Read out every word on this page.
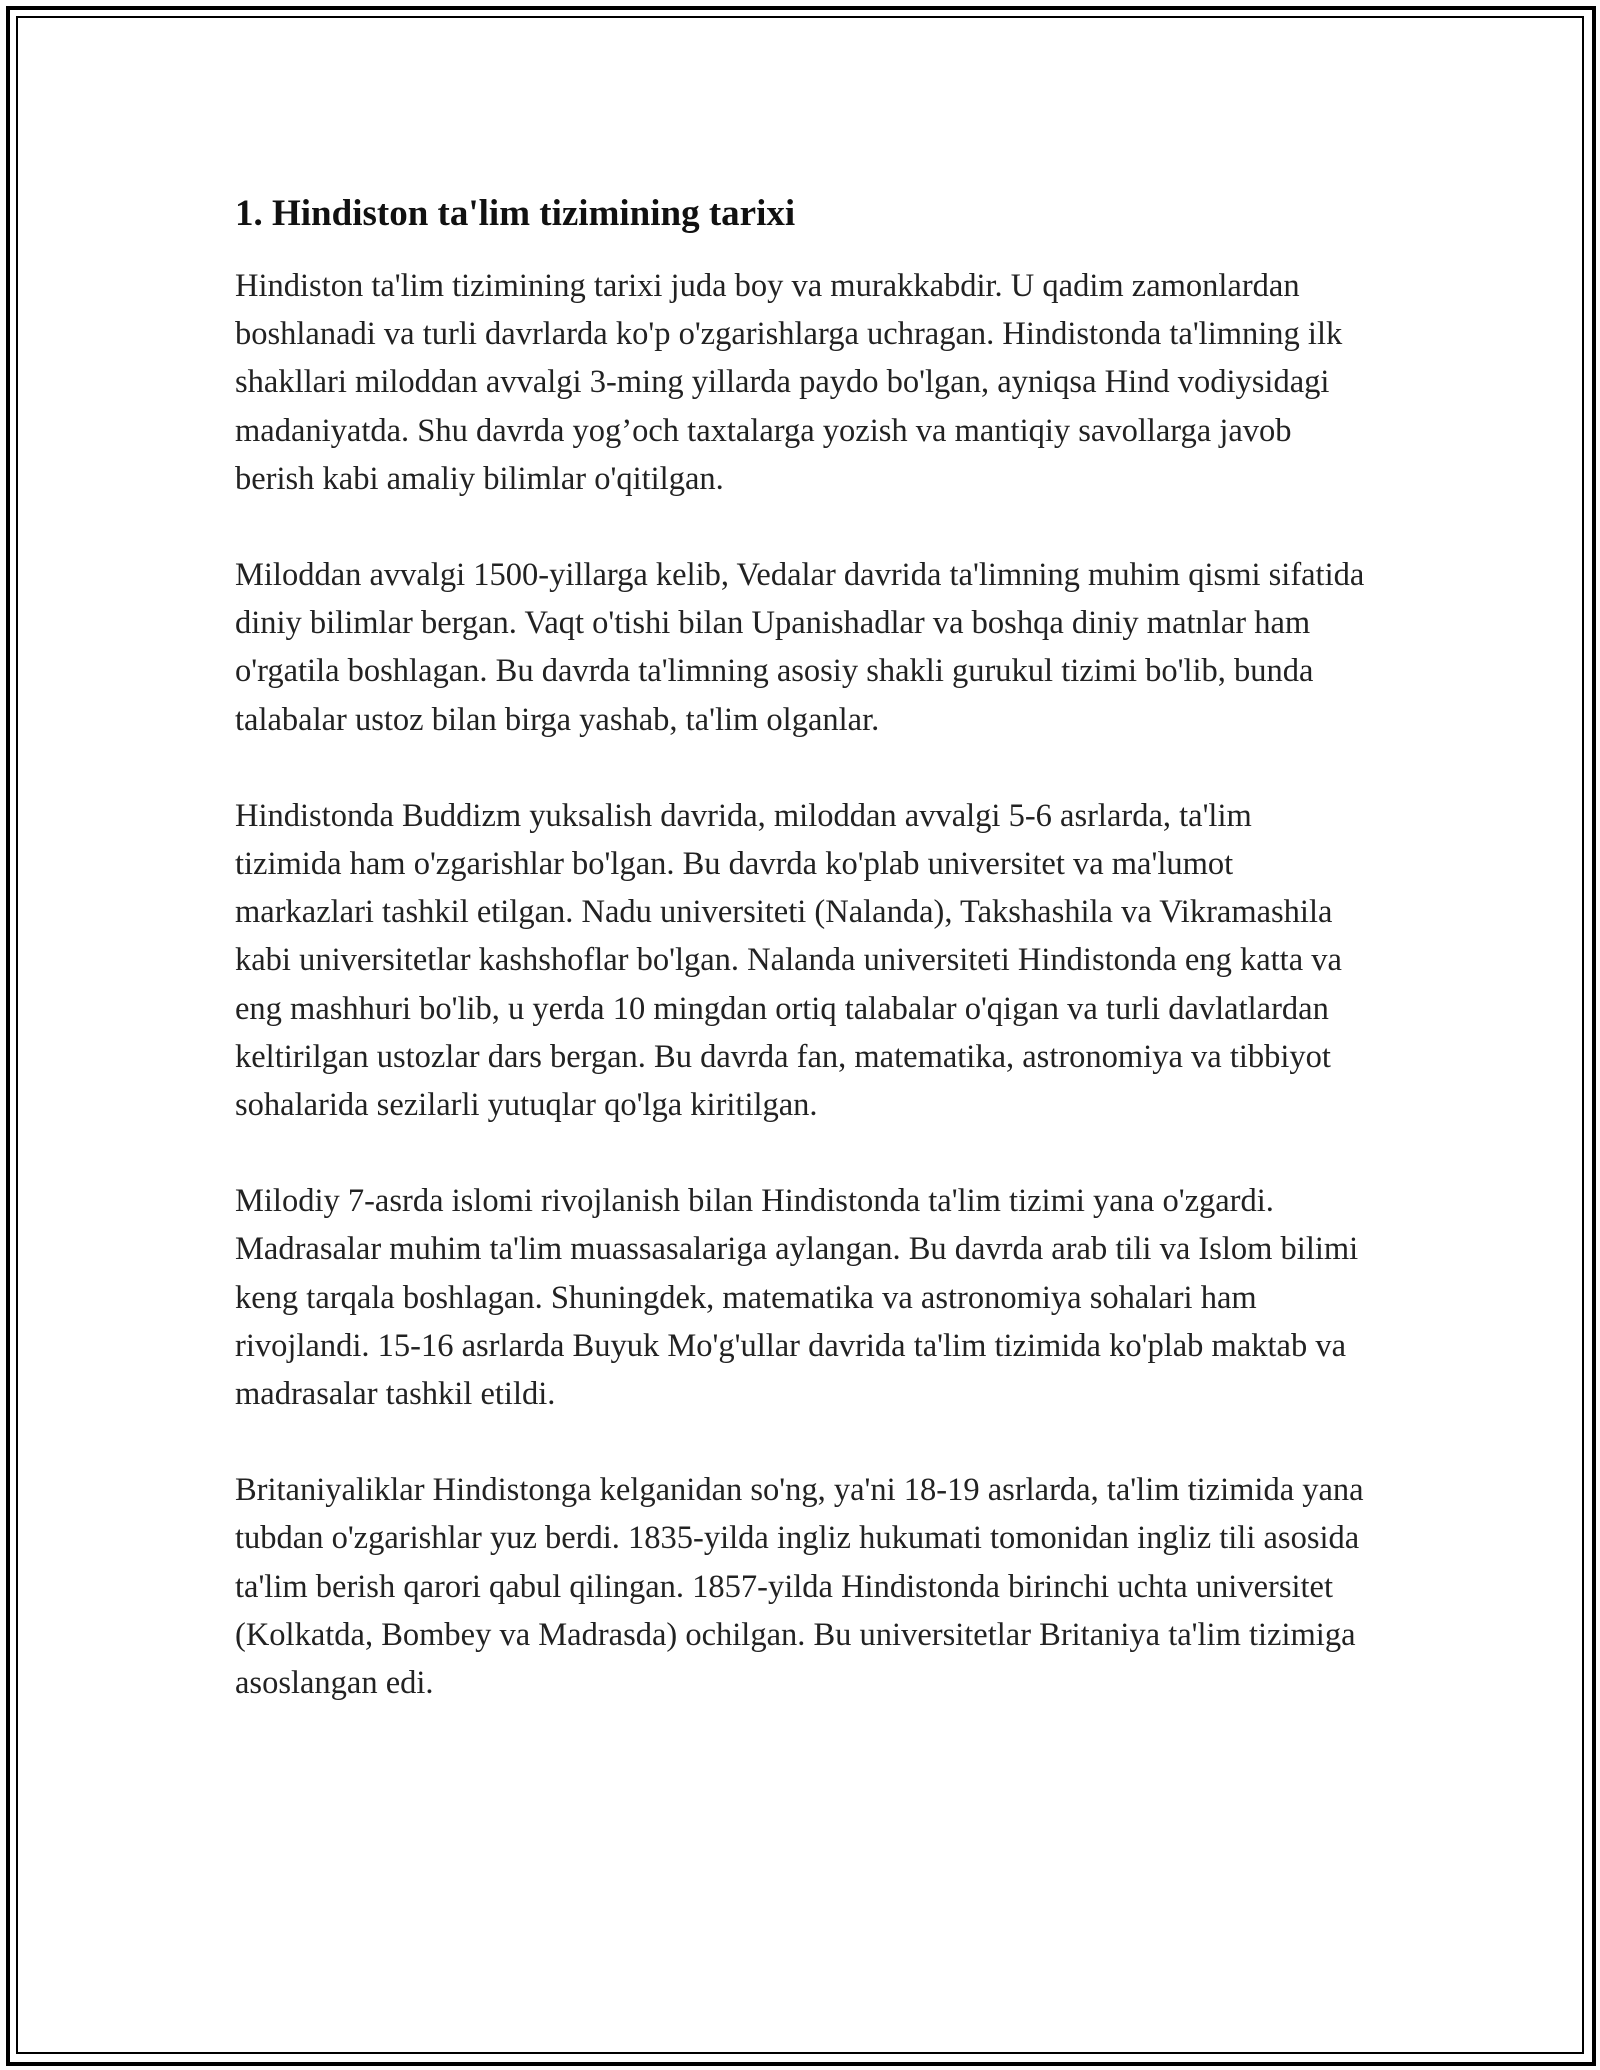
1. Hindiston ta'lim tizimining tarixi

Hindiston ta'lim tizimining tarixi juda boy va murakkabdir. U qadim zamonlardan boshlanadi va turli davrlarda ko'p o'zgarishlarga uchragan. Hindistonda ta'limning ilk shakllari miloddan avvalgi 3-ming yillarda paydo bo'lgan, ayniqsa Hind vodiysidagi madaniyatda. Shu davrda yog’och taxtalarga yozish va mantiqiy savollarga javob berish kabi amaliy bilimlar o'qitilgan.

Miloddan avvalgi 1500-yillarga kelib, Vedalar davrida ta'limning muhim qismi sifatida diniy bilimlar bergan. Vaqt o'tishi bilan Upanishadlar va boshqa diniy matnlar ham o'rgatila boshlagan. Bu davrda ta'limning asosiy shakli gurukul tizimi bo'lib, bunda talabalar ustoz bilan birga yashab, ta'lim olganlar.

Hindistonda Buddizm yuksalish davrida, miloddan avvalgi 5-6 asrlarda, ta'lim tizimida ham o'zgarishlar bo'lgan. Bu davrda ko'plab universitet va ma'lumot markazlari tashkil etilgan. Nadu universiteti (Nalanda), Takshashila va Vikramashila kabi universitetlar kashshoflar bo'lgan. Nalanda universiteti Hindistonda eng katta va eng mashhuri bo'lib, u yerda 10 mingdan ortiq talabalar o'qigan va turli davlatlardan keltirilgan ustozlar dars bergan. Bu davrda fan, matematika, astronomiya va tibbiyot sohalarida sezilarli yutuqlar qo'lga kiritilgan.

Milodiy 7-asrda islomi rivojlanish bilan Hindistonda ta'lim tizimi yana o'zgardi. Madrasalar muhim ta'lim muassasalariga aylangan. Bu davrda arab tili va Islom bilimi keng tarqala boshlagan. Shuningdek, matematika va astronomiya sohalari ham rivojlandi. 15-16 asrlarda Buyuk Mo'g'ullar davrida ta'lim tizimida ko'plab maktab va madrasalar tashkil etildi.

Britaniyaliklar Hindistonga kelganidan so'ng, ya'ni 18-19 asrlarda, ta'lim tizimida yana tubdan o'zgarishlar yuz berdi. 1835-yilda ingliz hukumati tomonidan ingliz tili asosida ta'lim berish qarori qabul qilingan. 1857-yilda Hindistonda birinchi uchta universitet (Kolkatda, Bombey va Madrasda) ochilgan. Bu universitetlar Britaniya ta'lim tizimiga asoslangan edi.
